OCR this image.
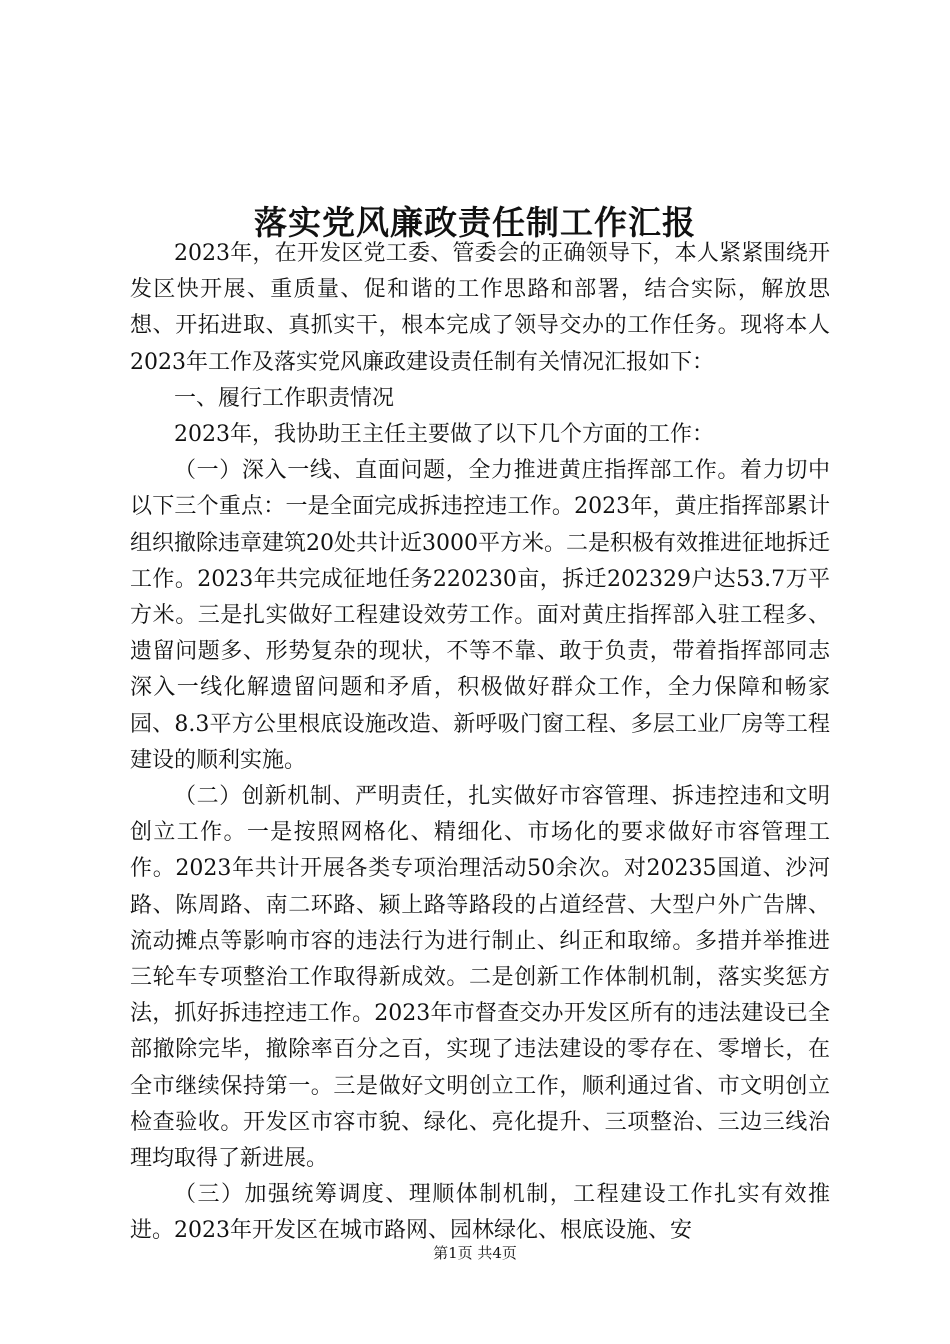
落实党风廉政责任制工作汇报

2023年，在开发区党工委、管委会的正确领导下，本人紧紧围绕开发区快开展、重质量、促和谐的工作思路和部署，结合实际，解放思想、开拓进取、真抓实干，根本完成了领导交办的工作任务。现将本人2023年工作及落实党风廉政建设责任制有关情况汇报如下：

一、履行工作职责情况

2023年，我协助王主任主要做了以下几个方面的工作：

（一）深入一线、直面问题，全力推进黄庄指挥部工作。着力切中以下三个重点：一是全面完成拆违控违工作。2023年，黄庄指挥部累计组织撤除违章建筑20处共计近3000平方米。二是积极有效推进征地拆迁工作。2023年共完成征地任务220230亩，拆迁202329户达53.7万平方米。三是扎实做好工程建设效劳工作。面对黄庄指挥部入驻工程多、遗留问题多、形势复杂的现状，不等不靠、敢于负责，带着指挥部同志深入一线化解遗留问题和矛盾，积极做好群众工作，全力保障和畅家园、8.3平方公里根底设施改造、新呼吸门窗工程、多层工业厂房等工程建设的顺利实施。

（二）创新机制、严明责任，扎实做好市容管理、拆违控违和文明创立工作。一是按照网格化、精细化、市场化的要求做好市容管理工作。2023年共计开展各类专项治理活动50余次。对20235国道、沙河路、陈周路、南二环路、颍上路等路段的占道经营、大型户外广告牌、流动摊点等影响市容的违法行为进行制止、纠正和取缔。多措并举推进三轮车专项整治工作取得新成效。二是创新工作体制机制，落实奖惩方法，抓好拆违控违工作。2023年市督查交办开发区所有的违法建设已全部撤除完毕，撤除率百分之百，实现了违法建设的零存在、零增长，在全市继续保持第一。三是做好文明创立工作，顺利通过省、市文明创立检查验收。开发区市容市貌、绿化、亮化提升、三项整治、三边三线治理均取得了新进展。

（三）加强统筹调度、理顺体制机制，工程建设工作扎实有效推进。2023年开发区在城市路网、园林绿化、根底设施、安

第1页 共4页
